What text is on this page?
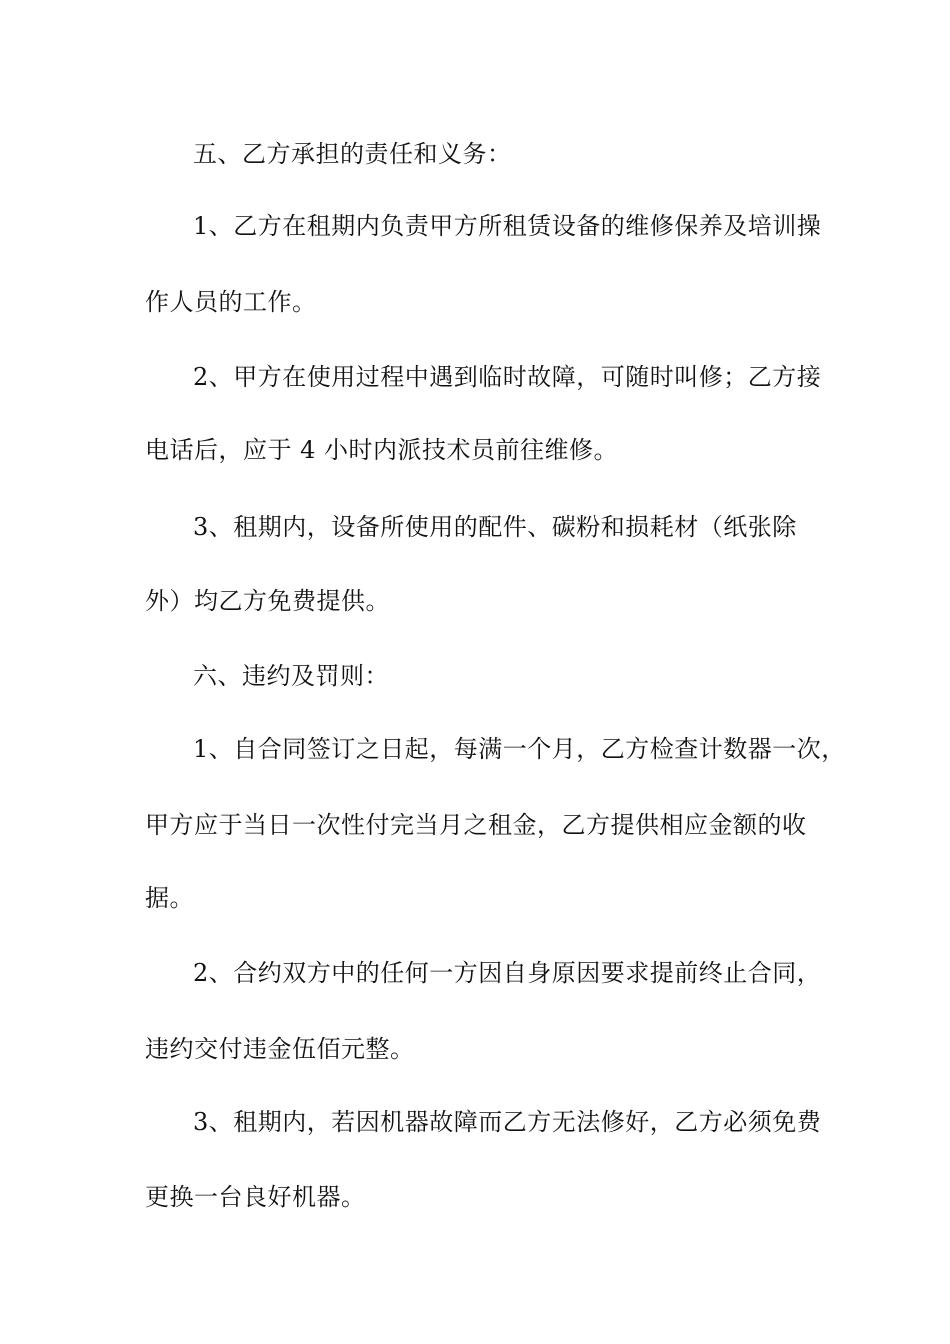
五、乙方承担的责任和义务：
1、乙方在租期内负责甲方所租赁设备的维修保养及培训操
作人员的工作。
2、甲方在使用过程中遇到临时故障，可随时叫修；乙方接
电话后，应于 4 小时内派技术员前往维修。
3、租期内，设备所使用的配件、碳粉和损耗材（纸张除
外）均乙方免费提供。
六、违约及罚则：
1、自合同签订之日起，每满一个月，乙方检查计数器一次，
甲方应于当日一次性付完当月之租金，乙方提供相应金额的收
据。
2、合约双方中的任何一方因自身原因要求提前终止合同，
违约交付违金伍佰元整。
3、租期内，若因机器故障而乙方无法修好，乙方必须免费
更换一台良好机器。
